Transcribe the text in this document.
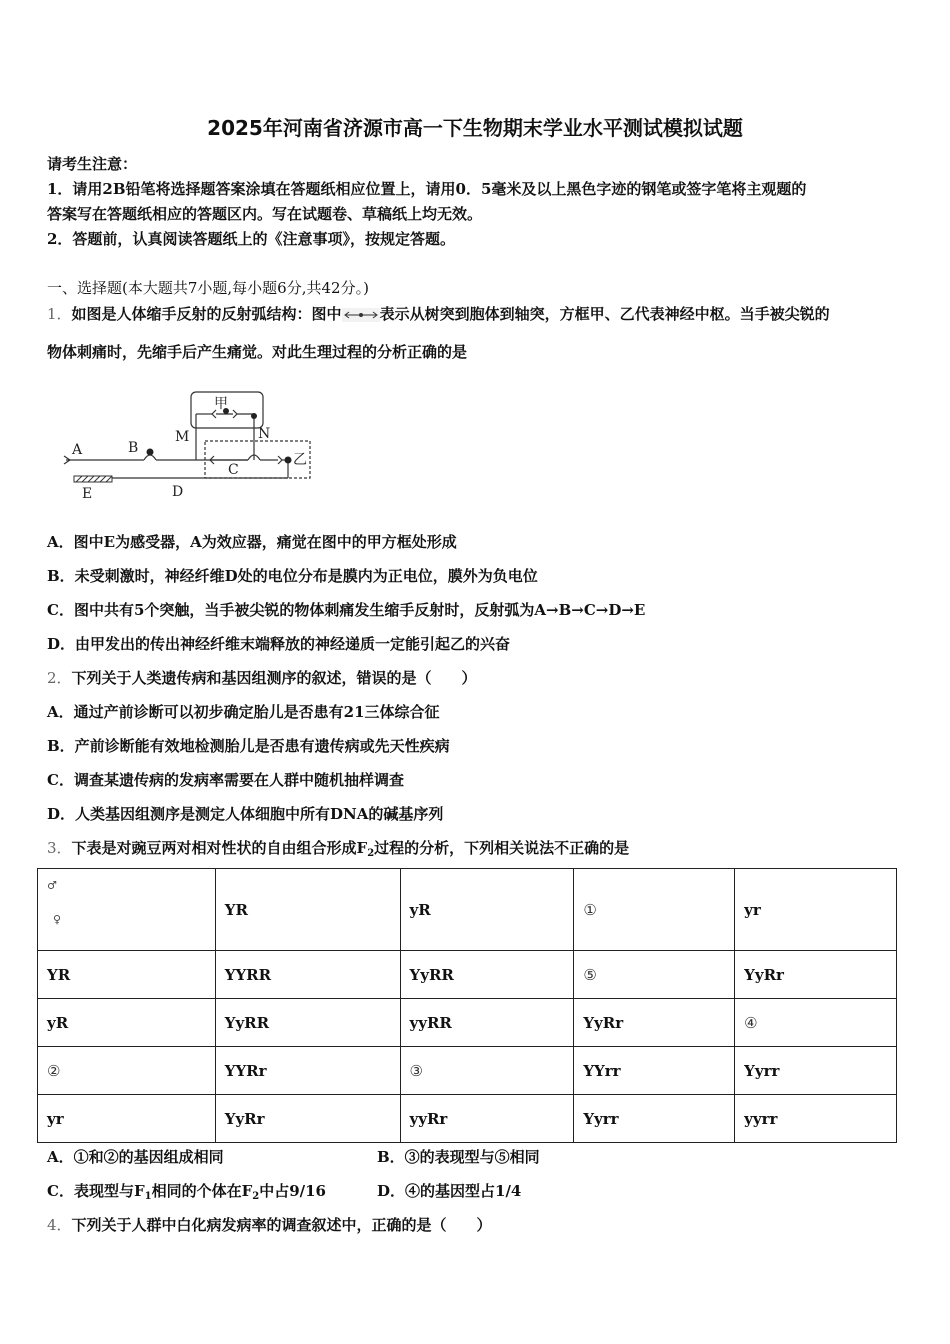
2025年河南省济源市高一下生物期末学业水平测试模拟试题
请考生注意：
1．请用2B铅笔将选择题答案涂填在答题纸相应位置上，请用0．5毫米及以上黑色字迹的钢笔或签字笔将主观题的
答案写在答题纸相应的答题区内。写在试题卷、草稿纸上均无效。
2．答题前，认真阅读答题纸上的《注意事项》，按规定答题。
一、选择题(本大题共7小题,每小题6分,共42分。)
1．如图是人体缩手反射的反射弧结构：图中	表示从树突到胞体到轴突，方框甲、乙代表神经中枢。当手被尖锐的
物体刺痛时，先缩手后产生痛觉。对此生理过程的分析正确的是
甲
乙
A	B
M	N
C
D
E
A．图中E为感受器，A为效应器，痛觉在图中的甲方框处形成
B．未受刺激时，神经纤维D处的电位分布是膜内为正电位，膜外为负电位
C．图中共有5个突触，当手被尖锐的物体刺痛发生缩手反射时，反射弧为A→B→C→D→E
D．由甲发出的传出神经纤维末端释放的神经递质一定能引起乙的兴奋
2．下列关于人类遗传病和基因组测序的叙述，错误的是（　　）
A．通过产前诊断可以初步确定胎儿是否患有21三体综合征
B．产前诊断能有效地检测胎儿是否患有遗传病或先天性疾病
C．调查某遗传病的发病率需要在人群中随机抽样调查
D．人类基因组测序是测定人体细胞中所有DNA的碱基序列
3．下表是对豌豆两对相对性状的自由组合形成$F_2$过程的分析，下列相关说法不正确的是
♂
♀	YR	yR	①	yr
YR	YYRR	YyRR	⑤	YyRr
yR	YyRR	yyRR	YyRr	④
②	YYRr	③	YYrr	Yyrr
yr	YyRr	yyRr	Yyrr	yyrr
A．①和②的基因组成相同	B．③的表现型与⑤相同
C．表现型与$F_1$相同的个体在$F_2$中占9/16	D．④的基因型占1/4
4．下列关于人群中白化病发病率的调查叙述中，正确的是（　　）
